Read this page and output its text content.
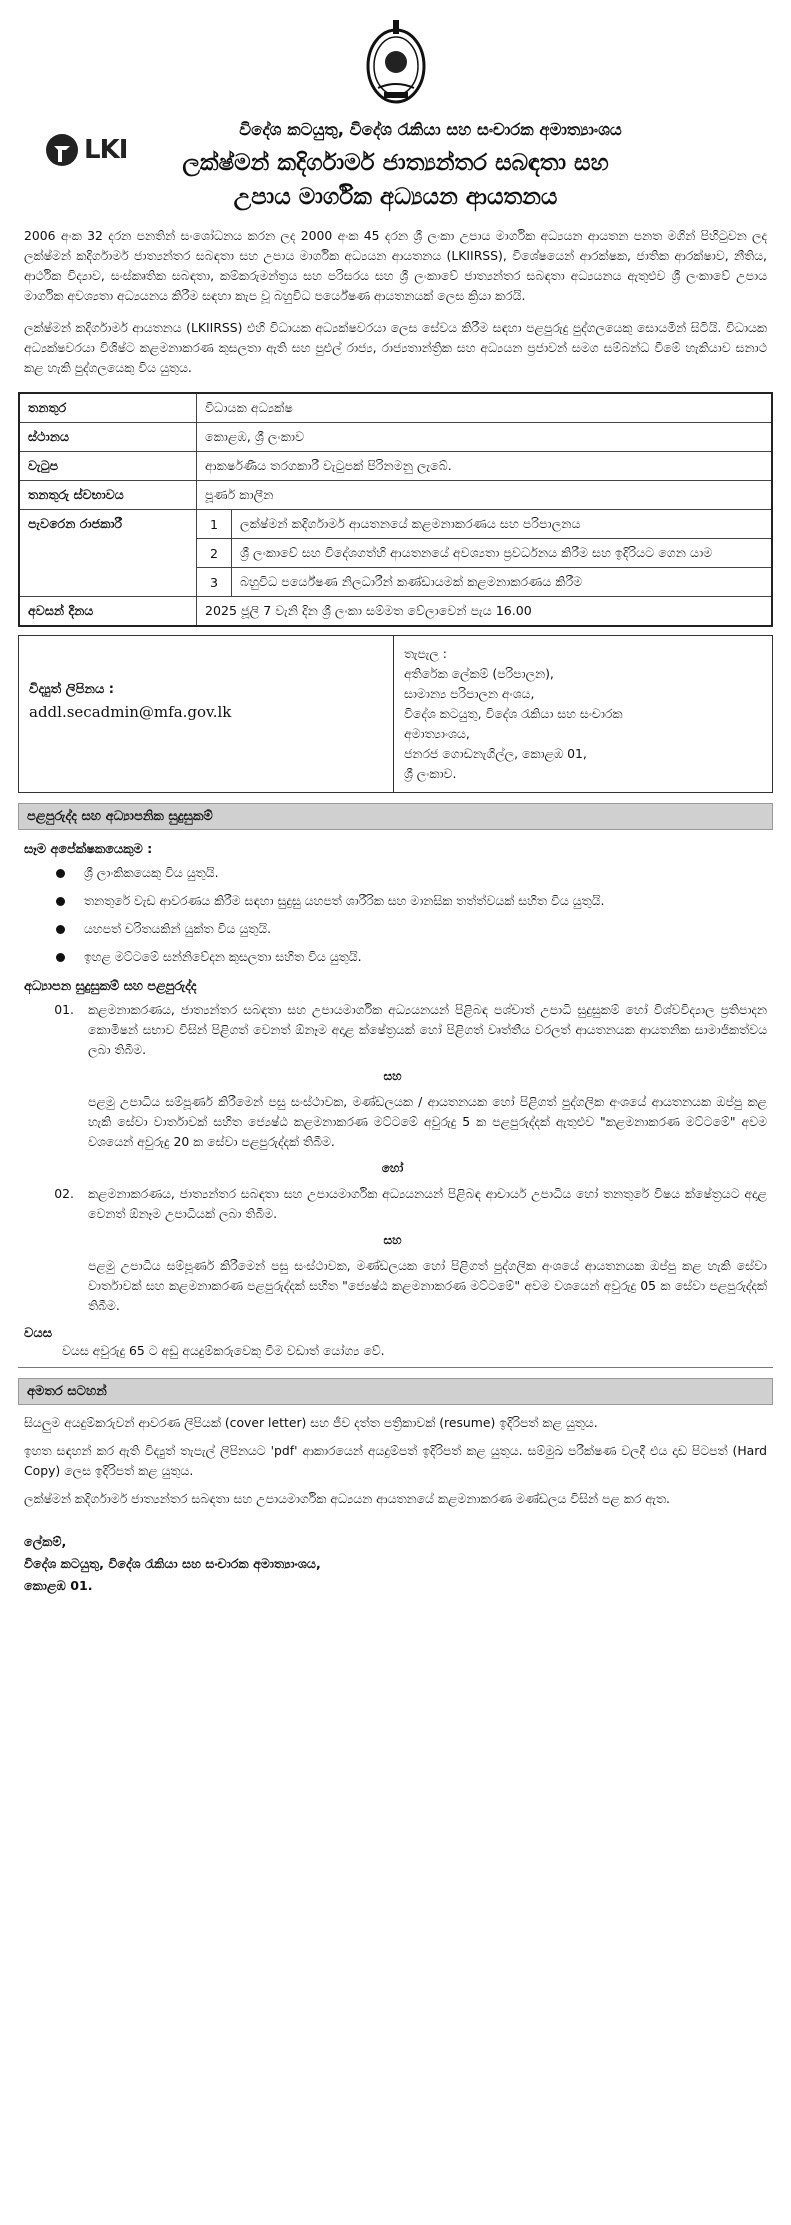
LKI
විදේශ කටයුතු, විදේශ රැකියා සහ සංචාරක අමාත්‍යාංශය
ලක්ෂ්මන් කදිර්ගාමර් ජාත්‍යන්තර සබඳතා සහ
උපාය මාර්ගික අධ්‍යයන ආයතනය

2006 අංක 32 දරන පනතින් සංශෝධනය කරන ලද 2000 අංක 45 දරන ශ්‍රී ලංකා උපාය මාර්ගික අධ්‍යයන ආයතන පනත මගින් පිහිටුවන ලද ලක්ෂ්මන් කදිර්ගාමර් ජාත්‍යන්තර සබඳතා සහ උපාය මාර්ගික අධ්‍යයන ආයතනය (LKIIRSS), විශේෂයෙන් ආරක්ෂක, ජාතික ආරක්ෂාව, නීතිය, ආර්ථික විද්‍යාව, සංස්කෘතික සබඳතා, කම්කරුමන්ත්‍රය සහ පරිසරය සහ ශ්‍රී ලංකාවේ ජාත්‍යන්තර සබඳතා අධ්‍යයනය ඇතුළුව ශ්‍රී ලංකාවේ උපාය මාර්ගික අවශ්‍යතා අධ්‍යයනය කිරීම සඳහා කැප වූ බහුවිධ පර්යේෂණ ආයතනයක් ලෙස ක්‍රියා කරයි.

ලක්ෂ්මන් කදිර්ගාමර් ආයතනය (LKIIRSS) එහි විධායක අධ්‍යක්ෂවරයා ලෙස සේවය කිරීම සඳහා පළපුරුදු පුද්ගලයෙකු සොයමින් සිටියි. විධායක අධ්‍යක්ෂවරයා විශිෂ්ට කළමනාකරණ කුසලතා ඇති සහ පුළුල් රාජ්‍ය, රාජ්‍යතාන්ත්‍රික සහ අධ්‍යයන ප්‍රජාවන් සමග සම්බන්ධ වීමේ හැකියාව සනාථ කළ හැකි පුද්ගලයෙකු විය යුතුය.

තනතුර	විධායක අධ්‍යක්ෂ	
ස්ථානය	කොළඹ, ශ්‍රී ලංකාව	
වැටුප	ආකර්ෂණීය තරගකාරී වැටුපක් පිරිනමනු ලැබේ.	
තනතුරු ස්වභාවය	පූර්ණ කාලීන	
පැවරෙන රාජකාරී	1	ලක්ෂ්මන් කදිර්ගාමර් ආයතනයේ කළමනාකරණය සහ පරිපාලනය
	2	ශ්‍රී ලංකාවේ සහ විදේශගත්හි ආයතනයේ අවශ්‍යතා ප්‍රවර්ධනය කිරීම සහ ඉදිරියට ගෙන යාම
	3	බහුවිධ පර්යේෂණ නිලධාරීන් කණ්ඩායමක් කළමනාකරණය කිරීම
අවසන් දිනය	2025 ජූලි 7 වැනි දින ශ්‍රී ලංකා සම්මත වේලාවෙන් පැය 16.00	
විද්‍යුත් ලිපිනය :
addl.secadmin@mfa.gov.lk
තැපැල :
අතිරේක ලේකම් (පරිපාලන),
සාමාන්‍ය පරිපාලන අංශය,
විදේශ කටයුතු, විදේශ රැකියා සහ සංචාරක
අමාත්‍යාංශය,
ජනරජ ගොඩනැගිල්ල, කොළඹ 01,
ශ්‍රී ලංකාව.
පළපුරුද්ද සහ අධ්‍යාපනික සුදුසුකම්
සෑම අපේක්ෂකයෙකුම :
ශ්‍රී ලාංකිකයෙකු විය යුතුයි.
තනතුරේ වැඩ ආවරණය කිරීම සඳහා සුදුසු යහපත් ශාරීරික සහ මානසික තත්ත්වයක් සහිත විය යුතුයි.
යහපත් චරිතයකින් යුක්ත විය යුතුයි.
ඉහළ මට්ටමේ සන්නිවේදන කුසලතා සහිත විය යුතුයි.
අධ්‍යාපන සුදුසුකම් සහ පළපුරුද්ද
01.	කළමනාකරණය, ජාත්‍යන්තර සබඳතා සහ උපායමාර්ගික අධ්‍යයනයන් පිළිබඳ පශ්චාත් උපාධි සුදුසුකම් හෝ විශ්වවිද්‍යාල ප්‍රතිපාදන කොමිෂන් සභාව විසින් පිළිගත් වෙනත් ඕනෑම අදාළ ක්ෂේත්‍රයක් හෝ පිළිගත් වෘත්තීය වරලත් ආයතනයක ආයතනික සාමාජිකත්වය ලබා තිබීම.
සහ
පළමු උපාධිය සම්පූර්ණ කිරීමෙන් පසු සංස්ථාවක, මණ්ඩලයක / ආයතනයක හෝ පිළිගත් පුද්ගලික අංශයේ ආයතනයක ඔප්පු කළ හැකි සේවා වාර්තාවක් සහිත ජ්‍යෙෂ්ඨ කළමනාකරණ මට්ටමේ අවුරුදු 5 ක පළපුරුද්දක් ඇතුළුව "කළමනාකරණ මට්ටමේ" අවම වශයෙන් අවුරුදු 20 ක සේවා පළපුරුද්දක් තිබීම.
හෝ
02.	කළමනාකරණය, ජාත්‍යන්තර සබඳතා සහ උපායමාර්ගික අධ්‍යයනයන් පිළිබඳ ආචාර්ය උපාධිය හෝ තනතුරේ විෂය ක්ෂේත්‍රයට අදාළ වෙනත් ඕනෑම උපාධියක් ලබා තිබීම.
සහ
පළමු උපාධිය සම්පූර්ණ කිරීමෙන් පසු සංස්ථාවක, මණ්ඩලයක හෝ පිළිගත් පුද්ගලික අංශයේ ආයතනයක ඔප්පු කළ හැකි සේවා වාර්තාවක් සහ කළමනාකරණ පළපුරුද්දක් සහිත "ජ්‍යෙෂ්ඨ කළමනාකරණ මට්ටමේ" අවම වශයෙන් අවුරුදු 05 ක සේවා පළපුරුද්දක් තිබීම.
වයස
වයස අවුරුදු 65 ට අඩු අයදුම්කරුවෙකු වීම වඩාත් යෝග්‍ය වේ.
අමතර සටහන්

සියලුම අයදුම්කරුවන් ආවරණ ලිපියක් (cover letter) සහ ජීව දත්ත පත්‍රිකාවක් (resume) ඉදිරිපත් කළ යුතුය.

ඉහත සඳහන් කර ඇති විද්‍යුත් තැපැල් ලිපිනයට 'pdf' ආකාරයෙන් අයදුම්පත් ඉදිරිපත් කළ යුතුය. සම්මුඛ පරීක්ෂණ වලදී එය දෘඩ පිටපත් (Hard Copy) ලෙස ඉදිරිපත් කළ යුතුය.

ලක්ෂ්මන් කදිර්ගාමර් ජාත්‍යන්තර සබඳතා සහ උපායමාර්ගික අධ්‍යයන ආයතනයේ කළමනාකරණ මණ්ඩලය විසින් පළ කර ඇත.

ලේකම්,
විදේශ කටයුතු, විදේශ රැකියා සහ සංචාරක අමාත්‍යාංශය,
කොළඹ 01.
